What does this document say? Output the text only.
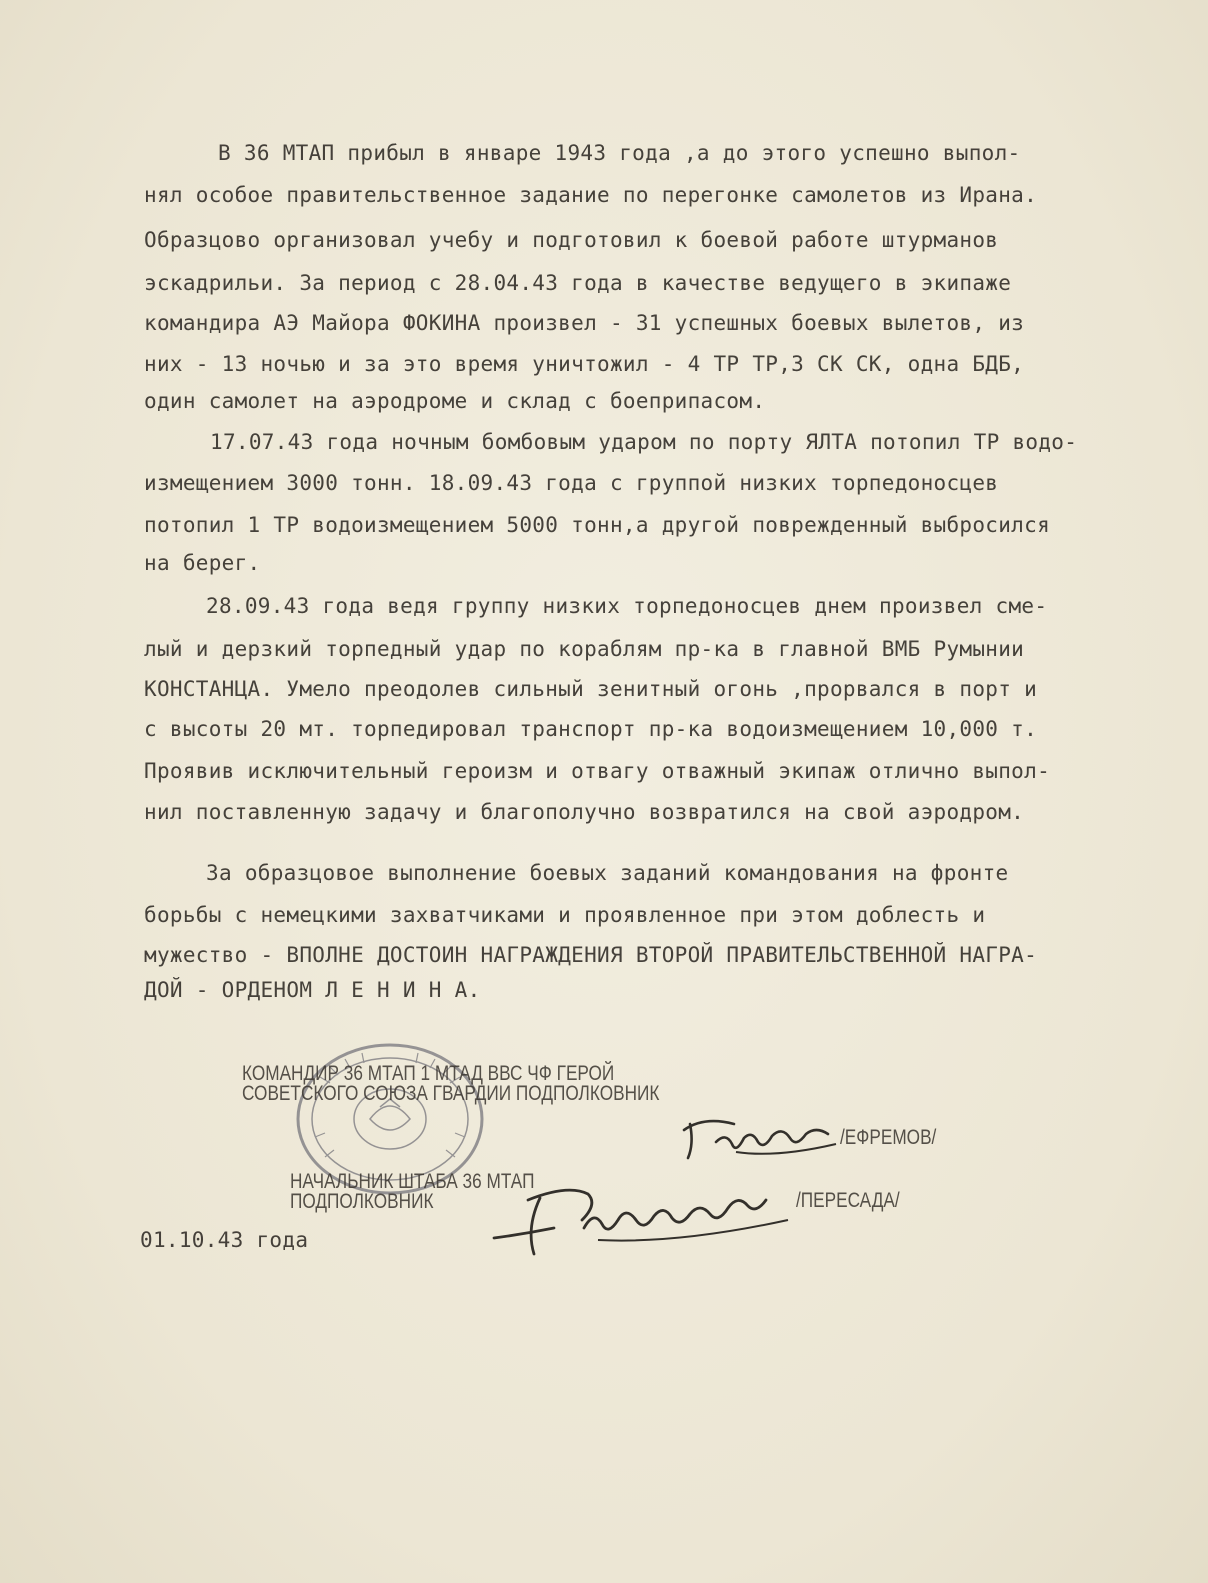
В 36 МТАП прибыл в январе 1943 года ,а до этого успешно выпол-
нял особое правительственное задание по перегонке самолетов из Ирана.
Образцово организовал учебу и подготовил к боевой работе штурманов
эскадрильи. За период с 28.04.43 года в качестве ведущего в экипаже
командира АЭ Майора ФОКИНА произвел - 31 успешных боевых вылетов, из
них - 13 ночью и за это время уничтожил - 4 ТР ТР,3 СК СК, одна БДБ,
один самолет на аэродроме и склад с боеприпасом.
17.07.43 года ночным бомбовым ударом по порту ЯЛТА потопил ТР водо-
измещением 3000 тонн. 18.09.43 года с группой низких торпедоносцев
потопил 1 ТР водоизмещением 5000 тонн,а другой поврежденный выбросился
на берег.
28.09.43 года ведя группу низких торпедоносцев днем произвел сме-
лый и дерзкий торпедный удар по кораблям пр-ка в главной ВМБ Румынии
КОНСТАНЦА. Умело преодолев сильный зенитный огонь ,прорвался в порт и
с высоты 20 мт. торпедировал транспорт пр-ка водоизмещением 10,000 т.
Проявив исключительный героизм и отвагу отважный экипаж отлично выпол-
нил поставленную задачу и благополучно возвратился на свой аэродром.
За образцовое выполнение боевых заданий командования на фронте
борьбы с немецкими захватчиками и проявленное при этом доблесть и
мужество - ВПОЛНЕ ДОСТОИН НАГРАЖДЕНИЯ ВТОРОЙ ПРАВИТЕЛЬСТВЕННОЙ НАГРА-
ДОЙ - ОРДЕНОМ Л Е Н И Н А.
КОМАНДИР 36 МТАП 1 МТАД ВВС ЧФ ГЕРОЙ
СОВЕТСКОГО СОЮЗА ГВАРДИИ ПОДПОЛКОВНИК
/ЕФРЕМОВ/
НАЧАЛЬНИК ШТАБА 36 МТАП
ПОДПОЛКОВНИК	/ПЕРЕСАДА/
01.10.43 года
